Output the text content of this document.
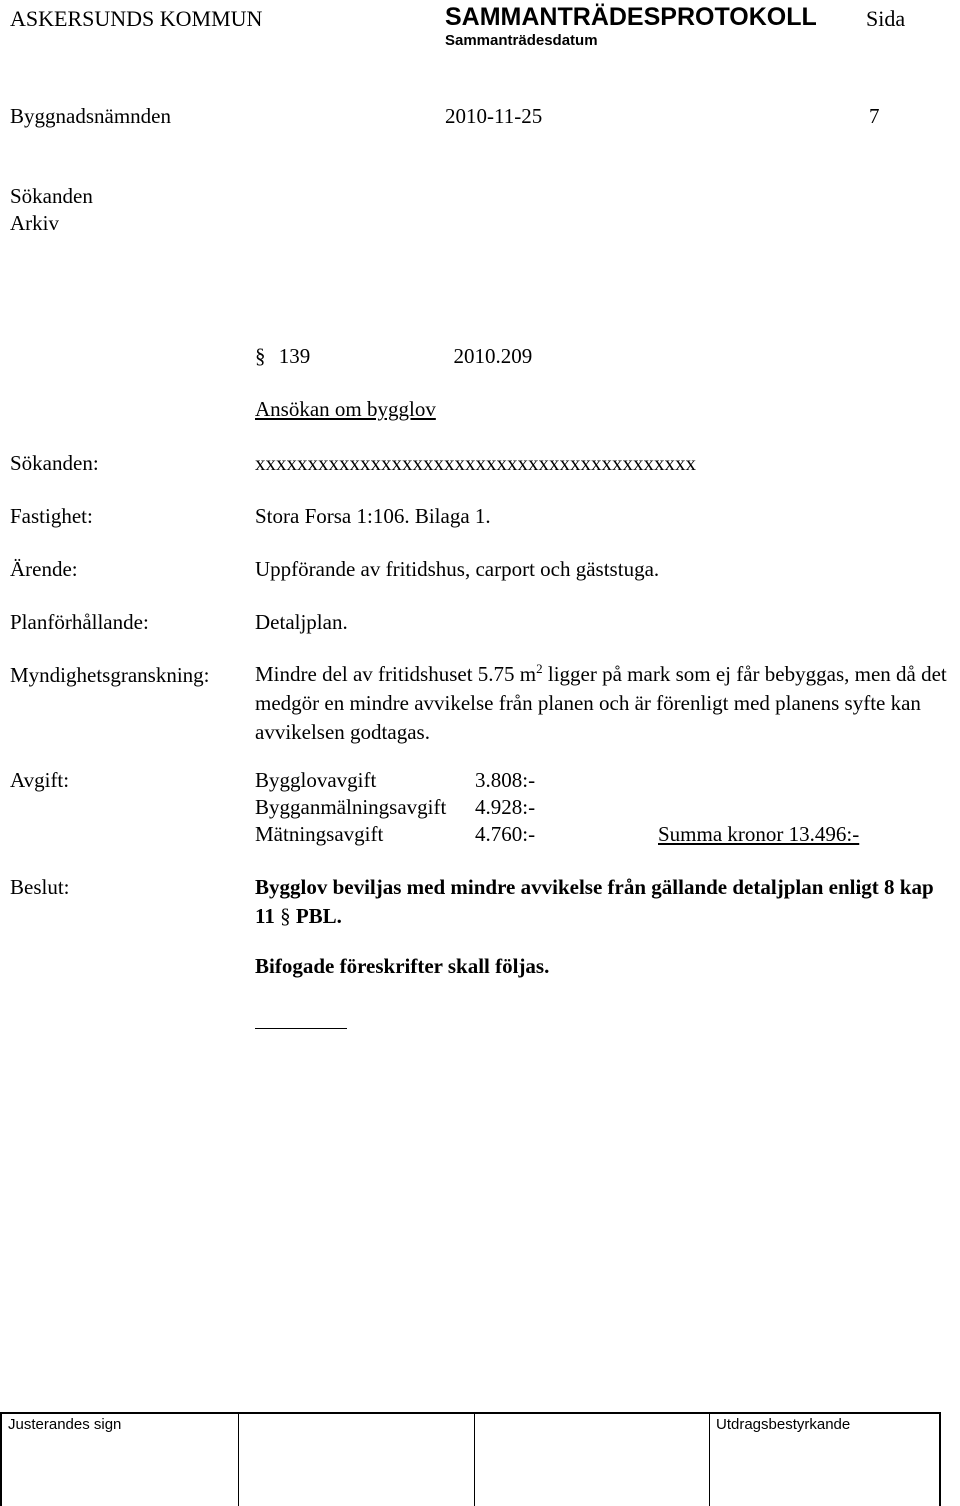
ASKERSUNDS KOMMUN	SAMMANTRÄDESPROTOKOLL Sida
Sammanträdesdatum
Byggnadsnämnden	2010-11-25	7
Sökanden
Arkiv
§ 139	2010.209
Ansökan om bygglov
Sökanden:	xxxxxxxxxxxxxxxxxxxxxxxxxxxxxxxxxxxxxxxxxx
Fastighet:	Stora Forsa 1:106. Bilaga 1.
Ärende:	Uppförande av fritidshus, carport och gäststuga.
Planförhållande:	Detaljplan.
Myndighetsgranskning: Mindre del av fritidshuset 5.75 $m^2$ ligger på mark som ej får bebyggas, men då det medgör en mindre avvikelse från planen och är förenligt med planens syfte kan avvikelsen godtagas.
Avgift:	Bygglovavgift	3.808:-
Bygganmälningsavgift 4.928:-
Mätningsavgift	4.760:-	Summa kronor 13.496:-
Beslut:	Bygglov beviljas med mindre avvikelse från gällande detaljplan enligt 8 kap 11 § PBL.
Bifogade föreskrifter skall följas.
Justerandes sign	Utdragsbestyrkande
